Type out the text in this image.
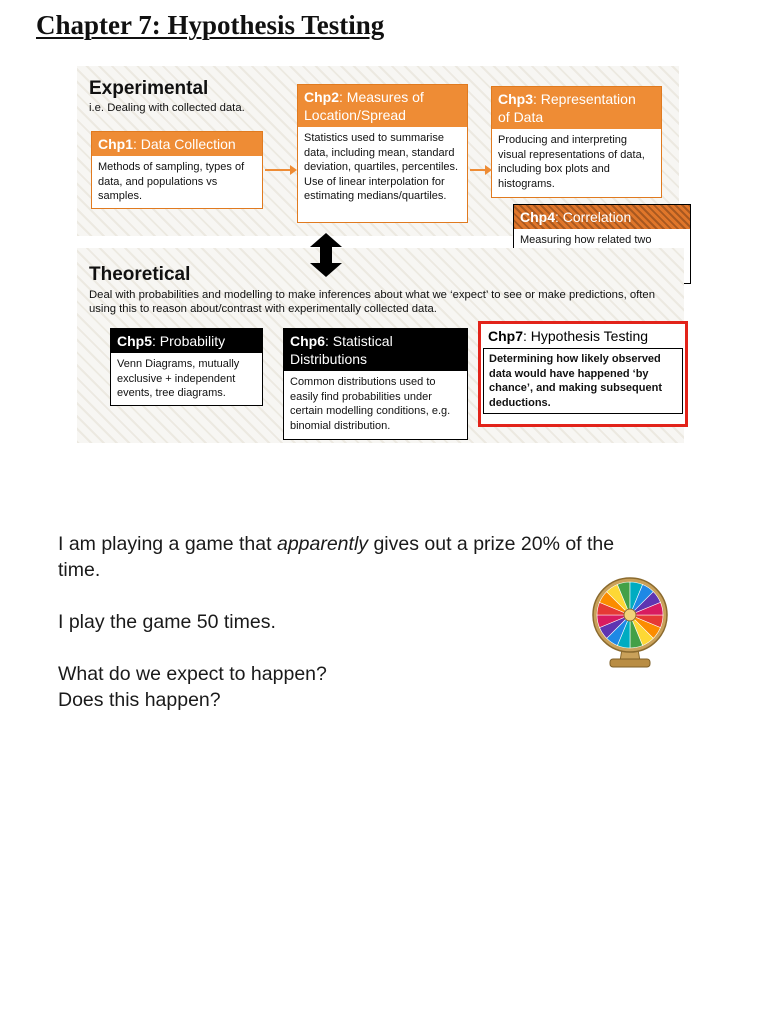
Chapter 7: Hypothesis Testing
Experimental
i.e. Dealing with collected data.
Chp1: Data Collection
Methods of sampling, types of data, and populations vs samples.
Chp2: Measures of
Location/Spread
Statistics used to summarise data, including mean, standard deviation, quartiles, percentiles. Use of linear interpolation for estimating medians/quartiles.
Chp3: Representation
of Data
Producing and interpreting visual representations of data, including box plots and histograms.
Chp4: Correlation
Measuring how related two
Theoretical
Deal with probabilities and modelling to make inferences about what we ‘expect’ to see or make predictions, often using this to reason about/contrast with experimentally collected data.
Chp5: Probability
Venn Diagrams, mutually exclusive + independent events, tree diagrams.
Chp6: Statistical
Distributions
Common distributions used to easily find probabilities under certain modelling conditions, e.g. binomial distribution.
Chp7: Hypothesis Testing
Determining how likely observed data would have happened ‘by chance’, and making subsequent deductions.
I am playing a game that apparently gives out a prize 20% of the
time.
I play the game 50 times.
What do we expect to happen?
Does this happen?
